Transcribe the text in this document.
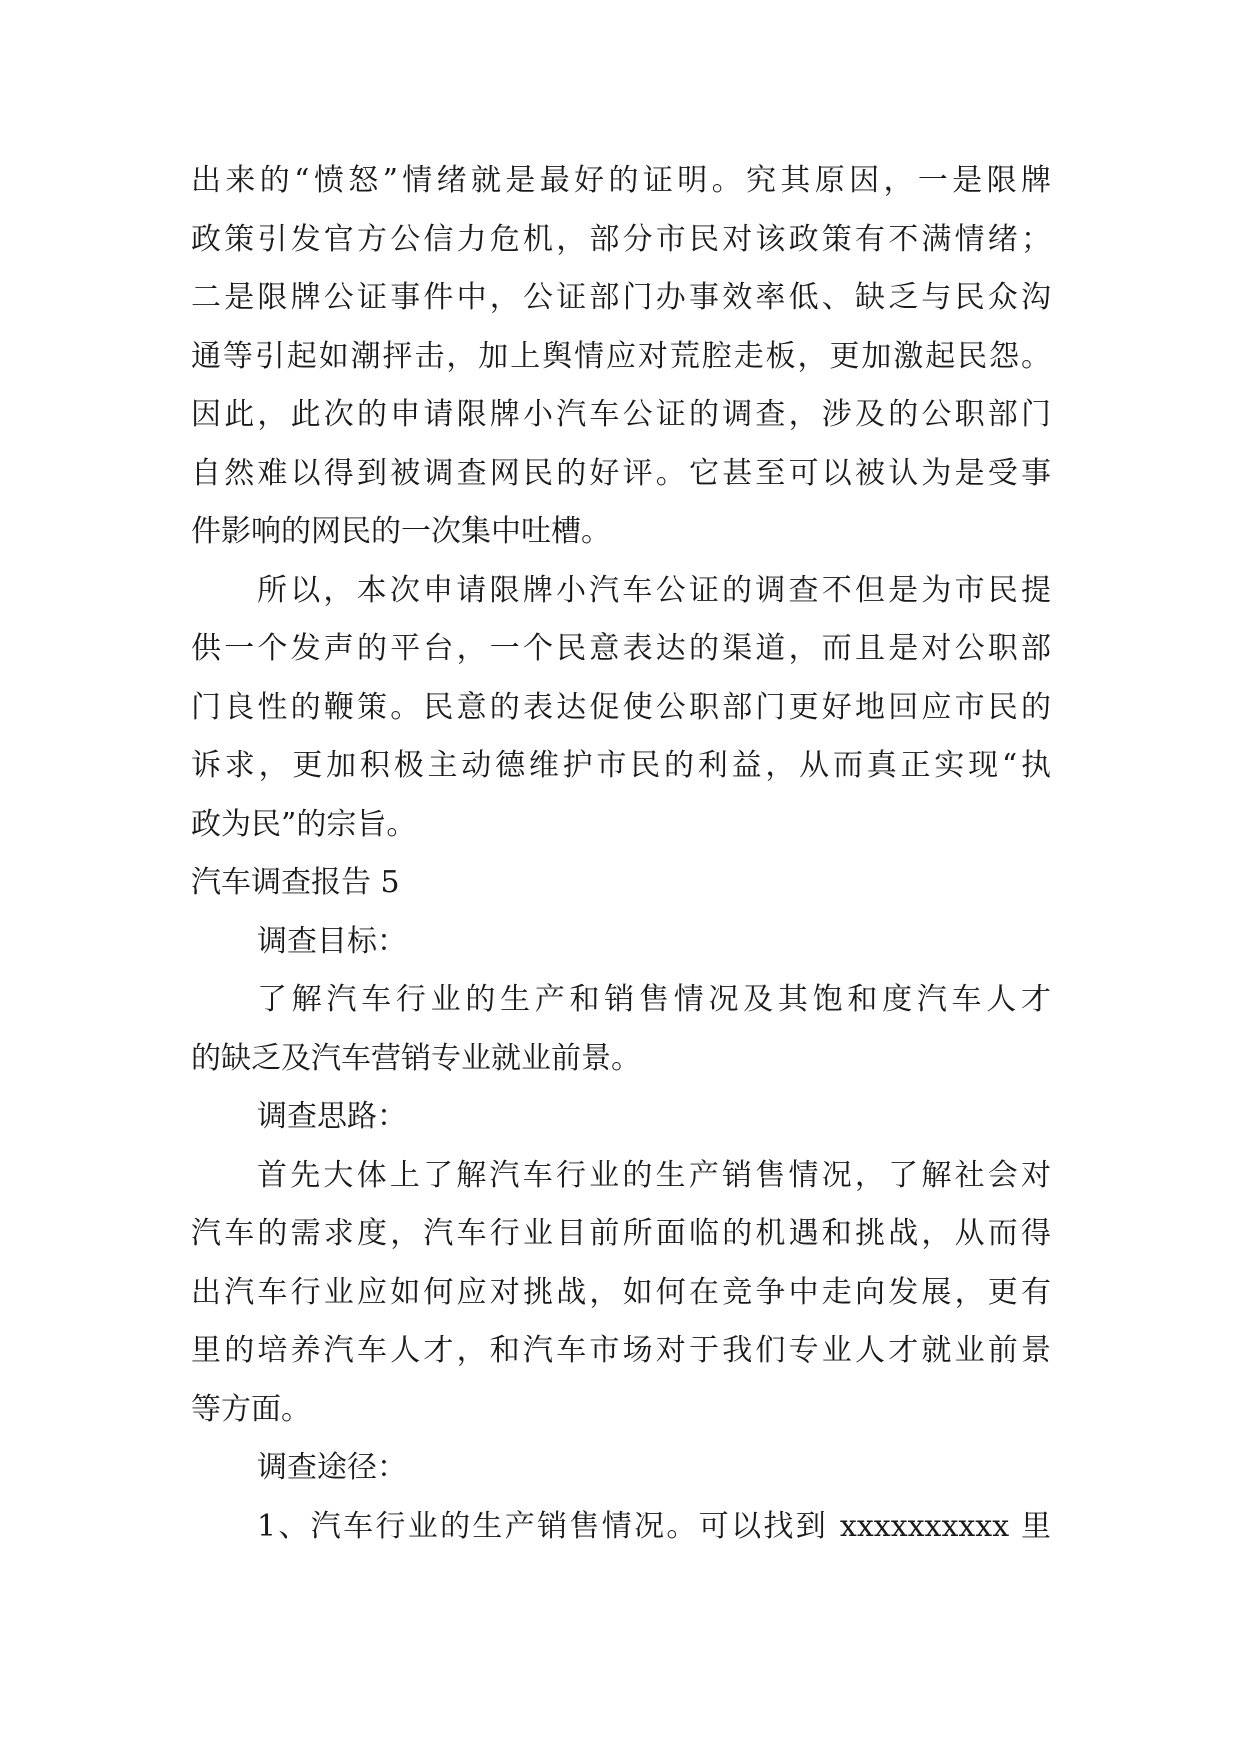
出来的“愤怒”情绪就是最好的证明。究其原因，一是限牌
政策引发官方公信力危机，部分市民对该政策有不满情绪；
二是限牌公证事件中，公证部门办事效率低、缺乏与民众沟
通等引起如潮抨击，加上舆情应对荒腔走板，更加激起民怨。
因此，此次的申请限牌小汽车公证的调查，涉及的公职部门
自然难以得到被调查网民的好评。它甚至可以被认为是受事
件影响的网民的一次集中吐槽。
所以，本次申请限牌小汽车公证的调查不但是为市民提
供一个发声的平台，一个民意表达的渠道，而且是对公职部
门良性的鞭策。民意的表达促使公职部门更好地回应市民的
诉求，更加积极主动德维护市民的利益，从而真正实现“执
政为民”的宗旨。
汽车调查报告 5
调查目标：
了解汽车行业的生产和销售情况及其饱和度汽车人才
的缺乏及汽车营销专业就业前景。
调查思路：
首先大体上了解汽车行业的生产销售情况，了解社会对
汽车的需求度，汽车行业目前所面临的机遇和挑战，从而得
出汽车行业应如何应对挑战，如何在竞争中走向发展，更有
里的培养汽车人才，和汽车市场对于我们专业人才就业前景
等方面。
调查途径：
1、汽车行业的生产销售情况。可以找到 xxxxxxxxxx 里
